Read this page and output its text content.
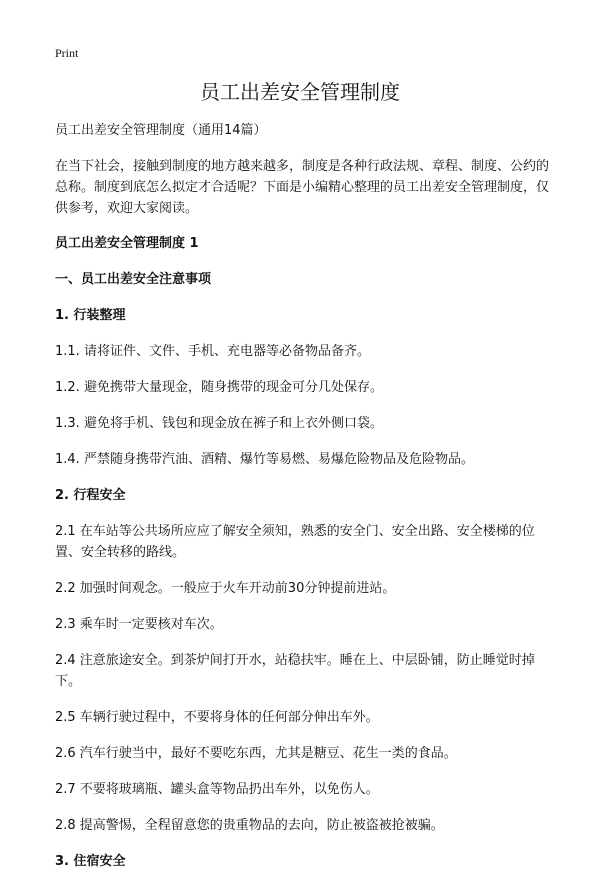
Print
员工出差安全管理制度

员工出差安全管理制度（通用14篇）

在当下社会，接触到制度的地方越来越多，制度是各种行政法规、章程、制度、公约的总称。制度到底怎么拟定才合适呢？下面是小编精心整理的员工出差安全管理制度，仅供参考，欢迎大家阅读。

员工出差安全管理制度 1

一、员工出差安全注意事项

1. 行装整理

1.1. 请将证件、文件、手机、充电器等必备物品备齐。

1.2. 避免携带大量现金，随身携带的现金可分几处保存。

1.3. 避免将手机、钱包和现金放在裤子和上衣外侧口袋。

1.4. 严禁随身携带汽油、酒精、爆竹等易燃、易爆危险物品及危险物品。

2. 行程安全

2.1 在车站等公共场所应应了解安全须知，熟悉的安全门、安全出路、安全楼梯的位置、安全转移的路线。

2.2 加强时间观念。一般应于火车开动前30分钟提前进站。

2.3 乘车时一定要核对车次。

2.4 注意旅途安全。到茶炉间打开水，站稳扶牢。睡在上、中层卧铺，防止睡觉时掉下。

2.5 车辆行驶过程中，不要将身体的任何部分伸出车外。

2.6 汽车行驶当中，最好不要吃东西，尤其是糖豆、花生一类的食品。

2.7 不要将玻璃瓶、罐头盒等物品扔出车外，以免伤人。

2.8 提高警惕，全程留意您的贵重物品的去向，防止被盗被抢被骗。

3. 住宿安全
